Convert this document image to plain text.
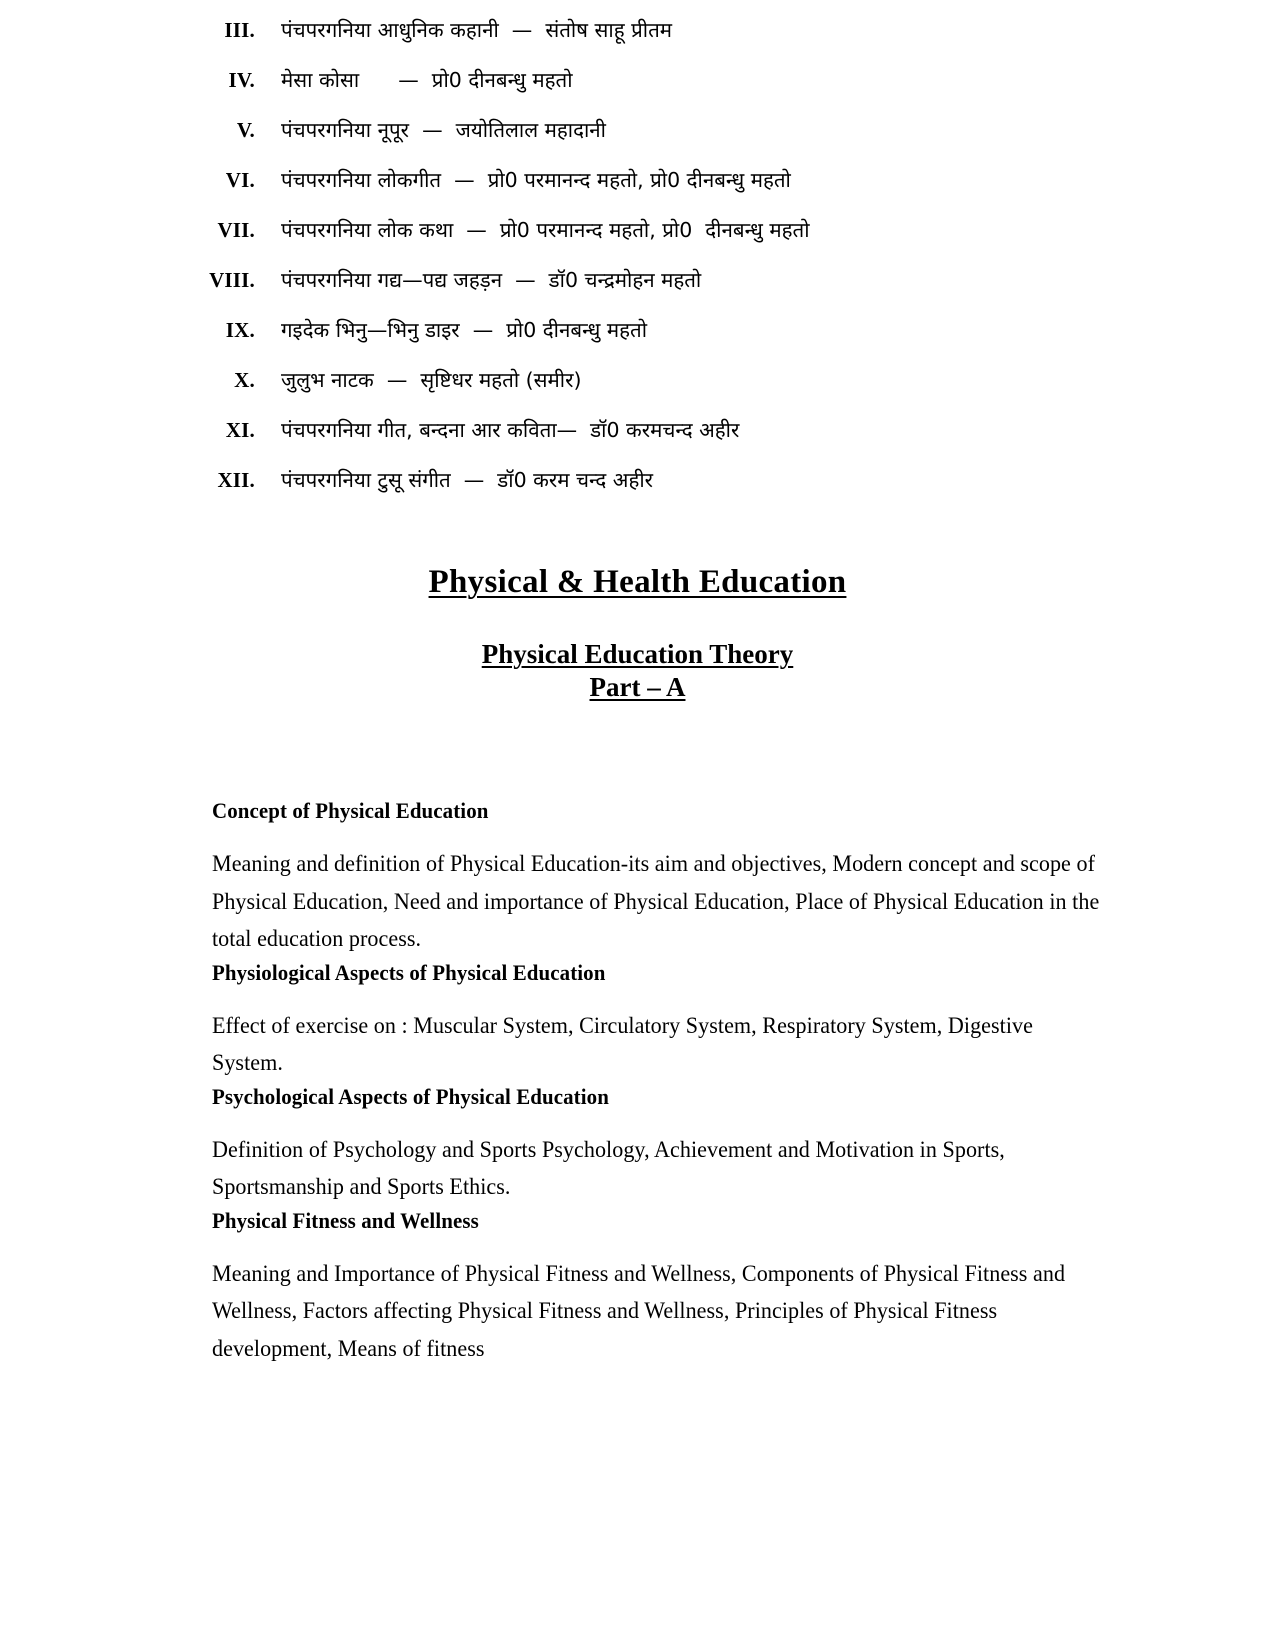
III.	पंचपरगनिया आधुनिक कहानी  —  संतोष साहू प्रीतम
IV.	मेसा कोसा      —  प्रो0 दीनबन्धु महतो
V.	पंचपरगनिया नूपूर  —  जयोतिलाल महादानी
VI.	पंचपरगनिया लोकगीत  —  प्रो0 परमानन्द महतो, प्रो0 दीनबन्धु महतो
VII.	पंचपरगनिया लोक कथा  —  प्रो0 परमानन्द महतो, प्रो0  दीनबन्धु महतो
VIII.	पंचपरगनिया गद्य—पद्य जहड़न  —  डॉ0 चन्द्रमोहन महतो
IX.	गइदेक भिनु—भिनु डाइर  —  प्रो0 दीनबन्धु महतो
X.	जुलुभ नाटक  —  सृष्टिधर महतो (समीर)
XI.	पंचपरगनिया गीत, बन्दना आर कविता—  डॉ0 करमचन्द अहीर
XII.	पंचपरगनिया टुसू संगीत  —  डॉ0 करम चन्द अहीर
Physical & Health Education
Physical Education Theory
Part – A
Concept of Physical Education
Meaning and definition of Physical Education-its aim and objectives, Modern concept and scope of Physical Education, Need and importance of Physical Education, Place of Physical Education in the total education process.
Physiological Aspects of Physical Education
Effect of exercise on : Muscular System, Circulatory System, Respiratory System, Digestive System.
Psychological Aspects of Physical Education
Definition of Psychology and Sports Psychology, Achievement and Motivation in Sports, Sportsmanship and Sports Ethics.
Physical Fitness and Wellness
Meaning and Importance of Physical Fitness and Wellness, Components of Physical Fitness and Wellness, Factors affecting Physical Fitness and Wellness, Principles of Physical Fitness development, Means of fitness
